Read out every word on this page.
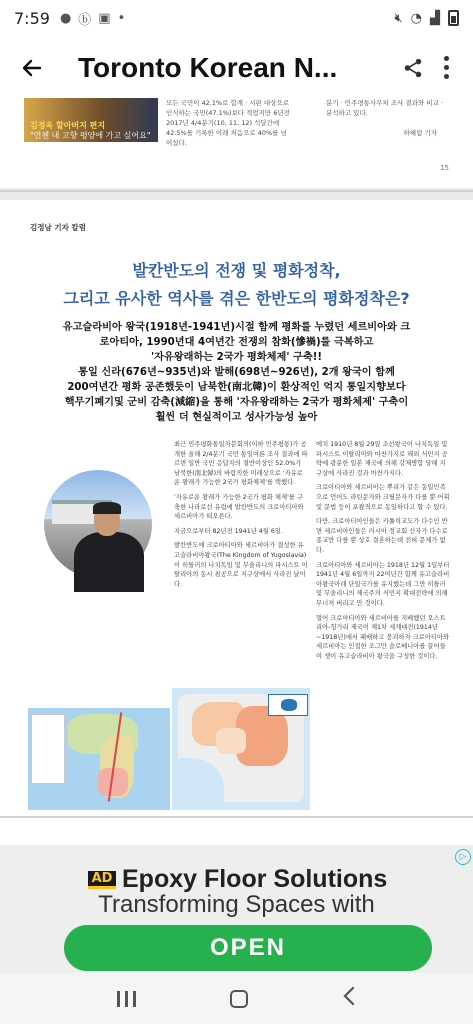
7:59 ● ⓑ ▣ •	🔇︎ ◔ ▟
Toronto Korean N...
김정욱 할아버지 편지
"언젠 내 고향 평양에 가고 싶어요"
모든 국민이 42.1%로 합계 · 시판 대상으로
인식하는 국민(47.1%)보다 적었지만 6년전
2017년 4/4분기(10, 11, 12) 석달간에
42.5%를 기록한 이래 처음으로 40%를 넘
어섰다.
분기 · 민주평통사무처 조사 결과와 비교 · 분석하고 있다.
하혜림 기자
15
김정남 기자 칼럼
발칸반도의 전쟁 및 평화정착,
그리고 유사한 역사를 겪은 한반도의 평화정착은?
유고슬라비아 왕국(1918년-1941년)시절 함께 평화를 누렸던 세르비아와 크
로아티아, 1990년대 4여년간 전쟁의 참화(慘禍)를 극복하고
'자유왕래하는 2국가 평화체제' 구축!!
통일 신라(676년~935년)와 발해(698년~926년), 2개 왕국이 함께
200여년간 평화 공존했듯이 남북한(南北韓)이 환상적인 억지 통일지향보다
핵무기폐기및 군비 감축(減縮)을 통해 '자유왕래하는 2국가 평화체제' 구축이
훨씬 더 현실적이고 성사가능성 높아

최근 민주평화통일자문회의(이하 민주평통)가 공개한 올해 2/4분기 국민 통일여론 조사 결과에 따르면 일반 국민 응답자의 절반이상인 52.0%가 남북한(南北韓)의 바람직한 미래상으로 '자유로운 왕래가 가능한 2국가 평화체제'를 택했다.

'자유로운 왕래가 가능한 2국가 평화 체제'를 구축한 나라로선 유럽에 발칸반도의 크로아티아와 세르비아가 떠오른다.

지금으로부터 82년전 1941년 4월 6일.

발칸반도에 크로아티아와 세르비아가 결성한 유고슬라비아왕국(The Kingdom of Yugoslavia)이 히틀러의 나치독일 및 무솔리니의 파시스트 이탈리아의 동시 침공으로 지구상에서 사라진 날이다.

메치 1910년 8월 29일 조선왕국이 나치독일 및 파시스트 이탈리아와 마찬가지로 해외 식민지 공략에 광분한 일본 제국에 의해 강제병합 당해 지구상에 사라진 것과 마찬가지다.

크로아티아와 세르비아는 뿌리가 같은 동일민족으로 언어도 라틴문자와 크릴문자가 다를 뿐 어휘 및 문법 등이 포괄적으로 동일하다고 할 수 있다.

다만, 크로아티아인들은 카톨릭교도가 다수인 반면 세르비아인들은 러시아 정교회 신자가 다수로 종교만 다를 뿐 상호 결혼하는데 전혀 문제가 없다.

크로아티아와 세르비아는 1918년 12월 1일부터 1941년 4월 6일까지 22여년간 함께 유고슬라비아왕국아래 단일국가를 유지했는데 그만 히틀러 및 무솔리니의 제국주의 식민지 확대전략에 의해 무너져 버리고 만 것이다.

멀어 크로아티아와 세르비아를 지배했던 오스트리아-헝가리 제국이 제1차 세계대전(1914년~1918년)에서 패배하고 붕괴하자 크로아티아와 세르비아는 인접한 조그만 슬로베니아를 끌어들여 셋이 유고슬라비아 왕국을 구성한 것이다.

▷
AD Epoxy Floor Solutions
Transforming Spaces with
OPEN
